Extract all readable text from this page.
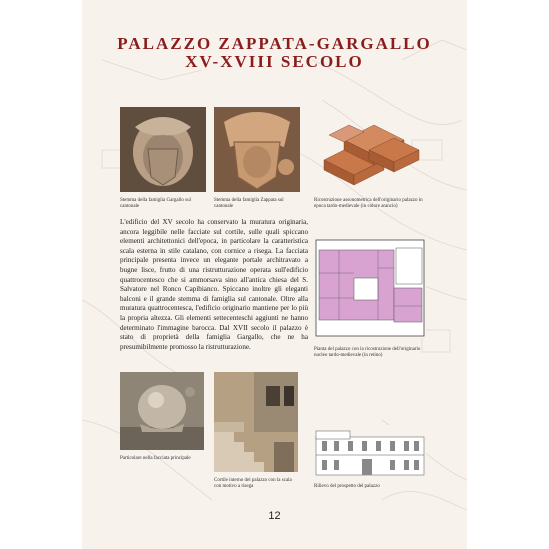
PALAZZO ZAPPATA-GARGALLO
XV-XVIII SECOLO
Stemma della famiglia Gargallo sul cantonale
Stemma della famiglia Zappata sul cantonale
Ricostruzione assonometrica dell'originario palazzo in epoca tardo-medievale (in colore arancio)
L'edificio del XV secolo ha conservato la muratura originaria, ancora leggibile nelle facciate sul cortile, sulle quali spiccano elementi architettonici dell'epoca, in particolare la caratteristica scala esterna in stile catalano, con cornice a risega. La facciata principale presenta invece un elegante portale architravato a bugne lisce, frutto di una ristrutturazione operata sull'edificio quattrocentesco che si ammorsava sino all'antica chiesa del S. Salvatore nel Ronco Capibianco. Spiccano inoltre gli eleganti balconi e il grande stemma di famiglia sul cantonale. Oltre alla muratura quattrocentesca, l'edificio originario mantiene per lo più la propria altezza. Gli elementi settecenteschi aggiunti ne hanno determinato l'immagine barocca. Dal XVII secolo il palazzo è stato di proprietà della famiglia Gargallo, che ne ha presumibilmente promosso la ristrutturazione.	Pianta del palazzo con la ricostruzione dell'originario nucleo tardo-medievale (in retino)
Particolare nella facciata principale
Cortile interno del palazzo con la scala con motivo a risega	Rilievo del prospetto del palazzo
12
